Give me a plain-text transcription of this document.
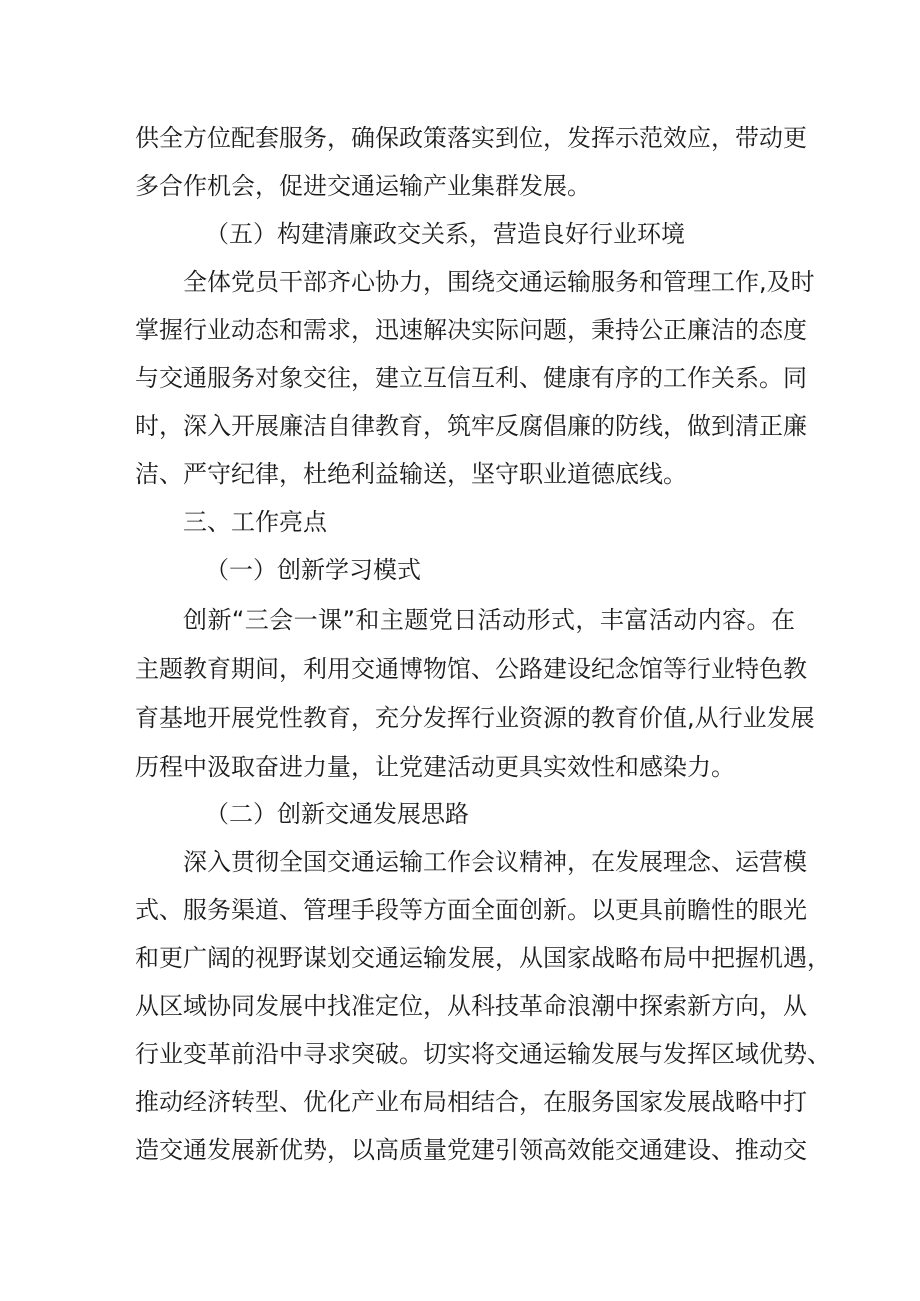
供全方位配套服务，确保政策落实到位，发挥示范效应，带动更
多合作机会，促进交通运输产业集群发展。
（五）构建清廉政交关系，营造良好行业环境
全体党员干部齐心协力，围绕交通运输服务和管理工作,及时
掌握行业动态和需求，迅速解决实际问题，秉持公正廉洁的态度
与交通服务对象交往，建立互信互利、健康有序的工作关系。同
时，深入开展廉洁自律教育，筑牢反腐倡廉的防线，做到清正廉
洁、严守纪律，杜绝利益输送，坚守职业道德底线。
三、工作亮点
（一）创新学习模式
创新“三会一课”和主题党日活动形式，丰富活动内容。在
主题教育期间，利用交通博物馆、公路建设纪念馆等行业特色教
育基地开展党性教育，充分发挥行业资源的教育价值,从行业发展
历程中汲取奋进力量，让党建活动更具实效性和感染力。
（二）创新交通发展思路
深入贯彻全国交通运输工作会议精神，在发展理念、运营模
式、服务渠道、管理手段等方面全面创新。以更具前瞻性的眼光
和更广阔的视野谋划交通运输发展，从国家战略布局中把握机遇，
从区域协同发展中找准定位，从科技革命浪潮中探索新方向，从
行业变革前沿中寻求突破。切实将交通运输发展与发挥区域优势、
推动经济转型、优化产业布局相结合，在服务国家发展战略中打
造交通发展新优势，以高质量党建引领高效能交通建设、推动交
